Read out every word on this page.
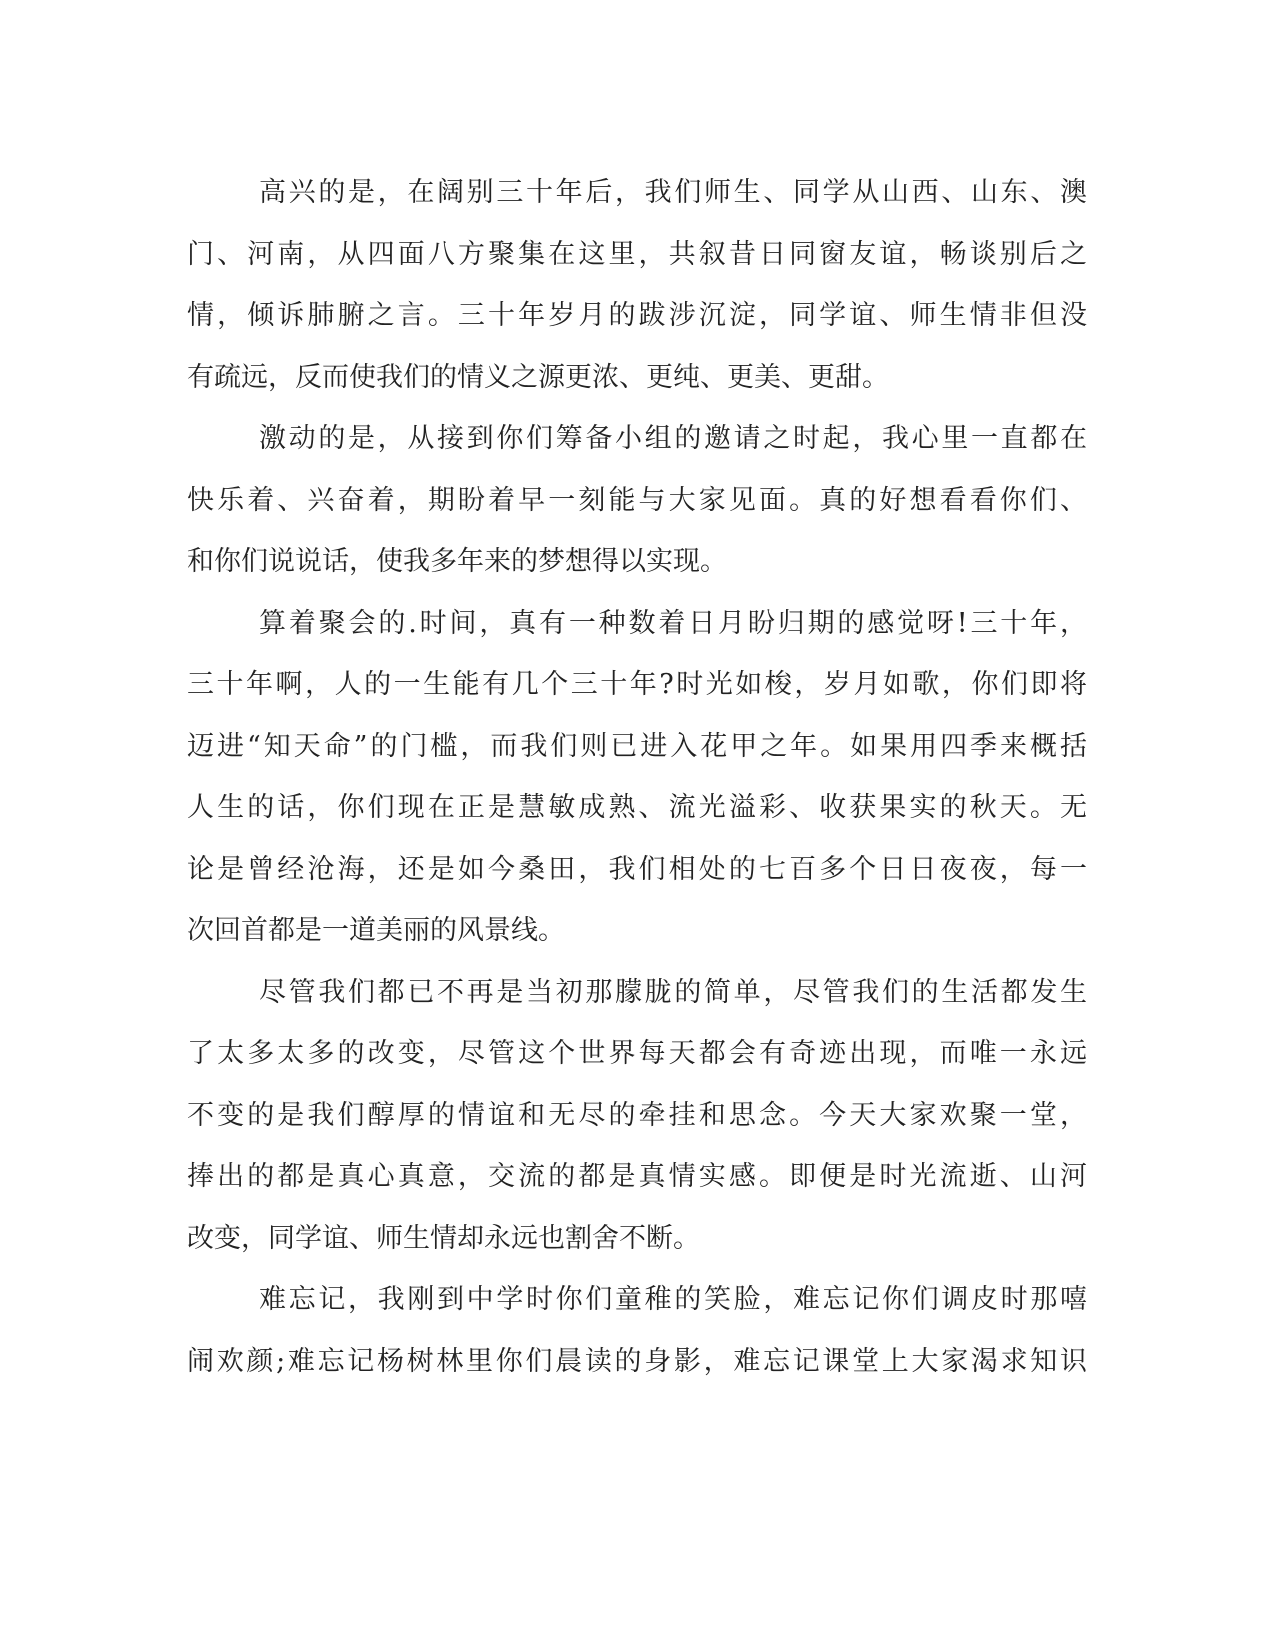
高兴的是，在阔别三十年后，我们师生、同学从山西、山东、澳
门、河南，从四面八方聚集在这里，共叙昔日同窗友谊，畅谈别后之
情，倾诉肺腑之言。三十年岁月的跋涉沉淀，同学谊、师生情非但没
有疏远，反而使我们的情义之源更浓、更纯、更美、更甜。
激动的是，从接到你们筹备小组的邀请之时起，我心里一直都在
快乐着、兴奋着，期盼着早一刻能与大家见面。真的好想看看你们、
和你们说说话，使我多年来的梦想得以实现。
算着聚会的.时间，真有一种数着日月盼归期的感觉呀!三十年，
三十年啊，人的一生能有几个三十年?时光如梭，岁月如歌，你们即将
迈进“知天命”的门槛，而我们则已进入花甲之年。如果用四季来概括
人生的话，你们现在正是慧敏成熟、流光溢彩、收获果实的秋天。无
论是曾经沧海，还是如今桑田，我们相处的七百多个日日夜夜，每一
次回首都是一道美丽的风景线。
尽管我们都已不再是当初那朦胧的简单，尽管我们的生活都发生
了太多太多的改变，尽管这个世界每天都会有奇迹出现，而唯一永远
不变的是我们醇厚的情谊和无尽的牵挂和思念。今天大家欢聚一堂，
捧出的都是真心真意，交流的都是真情实感。即便是时光流逝、山河
改变，同学谊、师生情却永远也割舍不断。
难忘记，我刚到中学时你们童稚的笑脸，难忘记你们调皮时那嘻
闹欢颜;难忘记杨树林里你们晨读的身影，难忘记课堂上大家渴求知识
